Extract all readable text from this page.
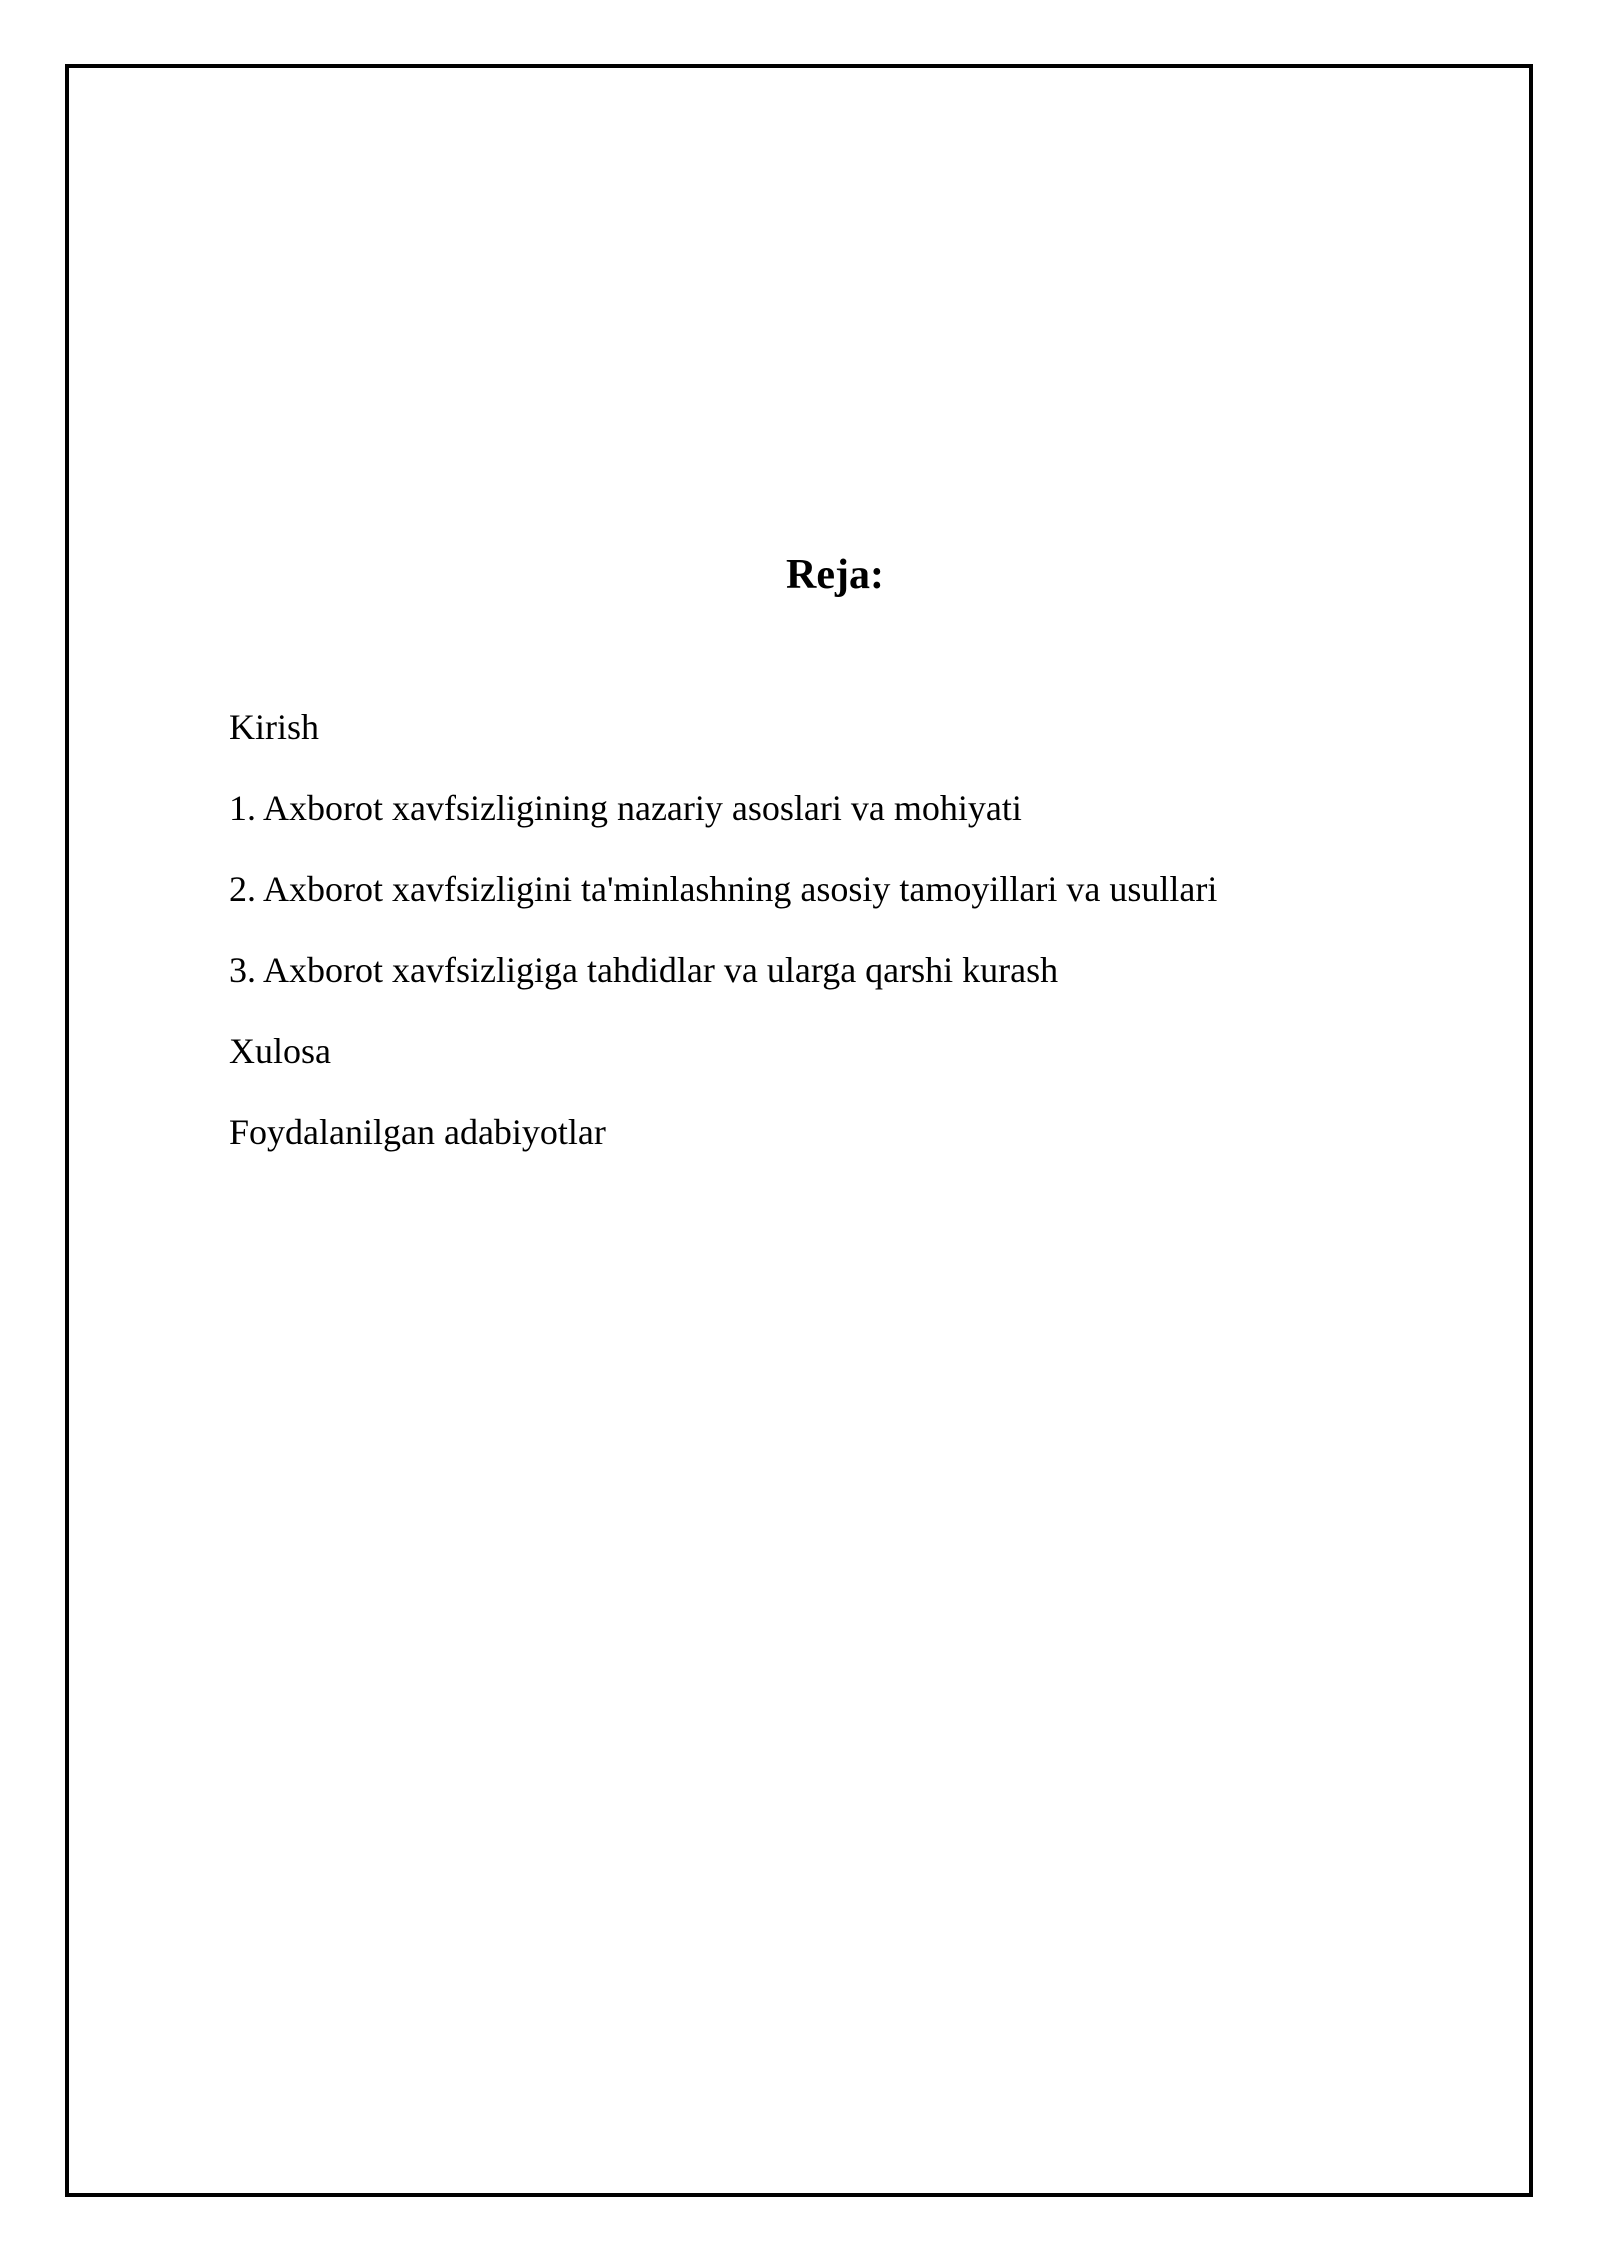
Reja:
Kirish
1. Axborot xavfsizligining nazariy asoslari va mohiyati
2. Axborot xavfsizligini ta'minlashning asosiy tamoyillari va usullari
3. Axborot xavfsizligiga tahdidlar va ularga qarshi kurash
Xulosa
Foydalanilgan adabiyotlar
